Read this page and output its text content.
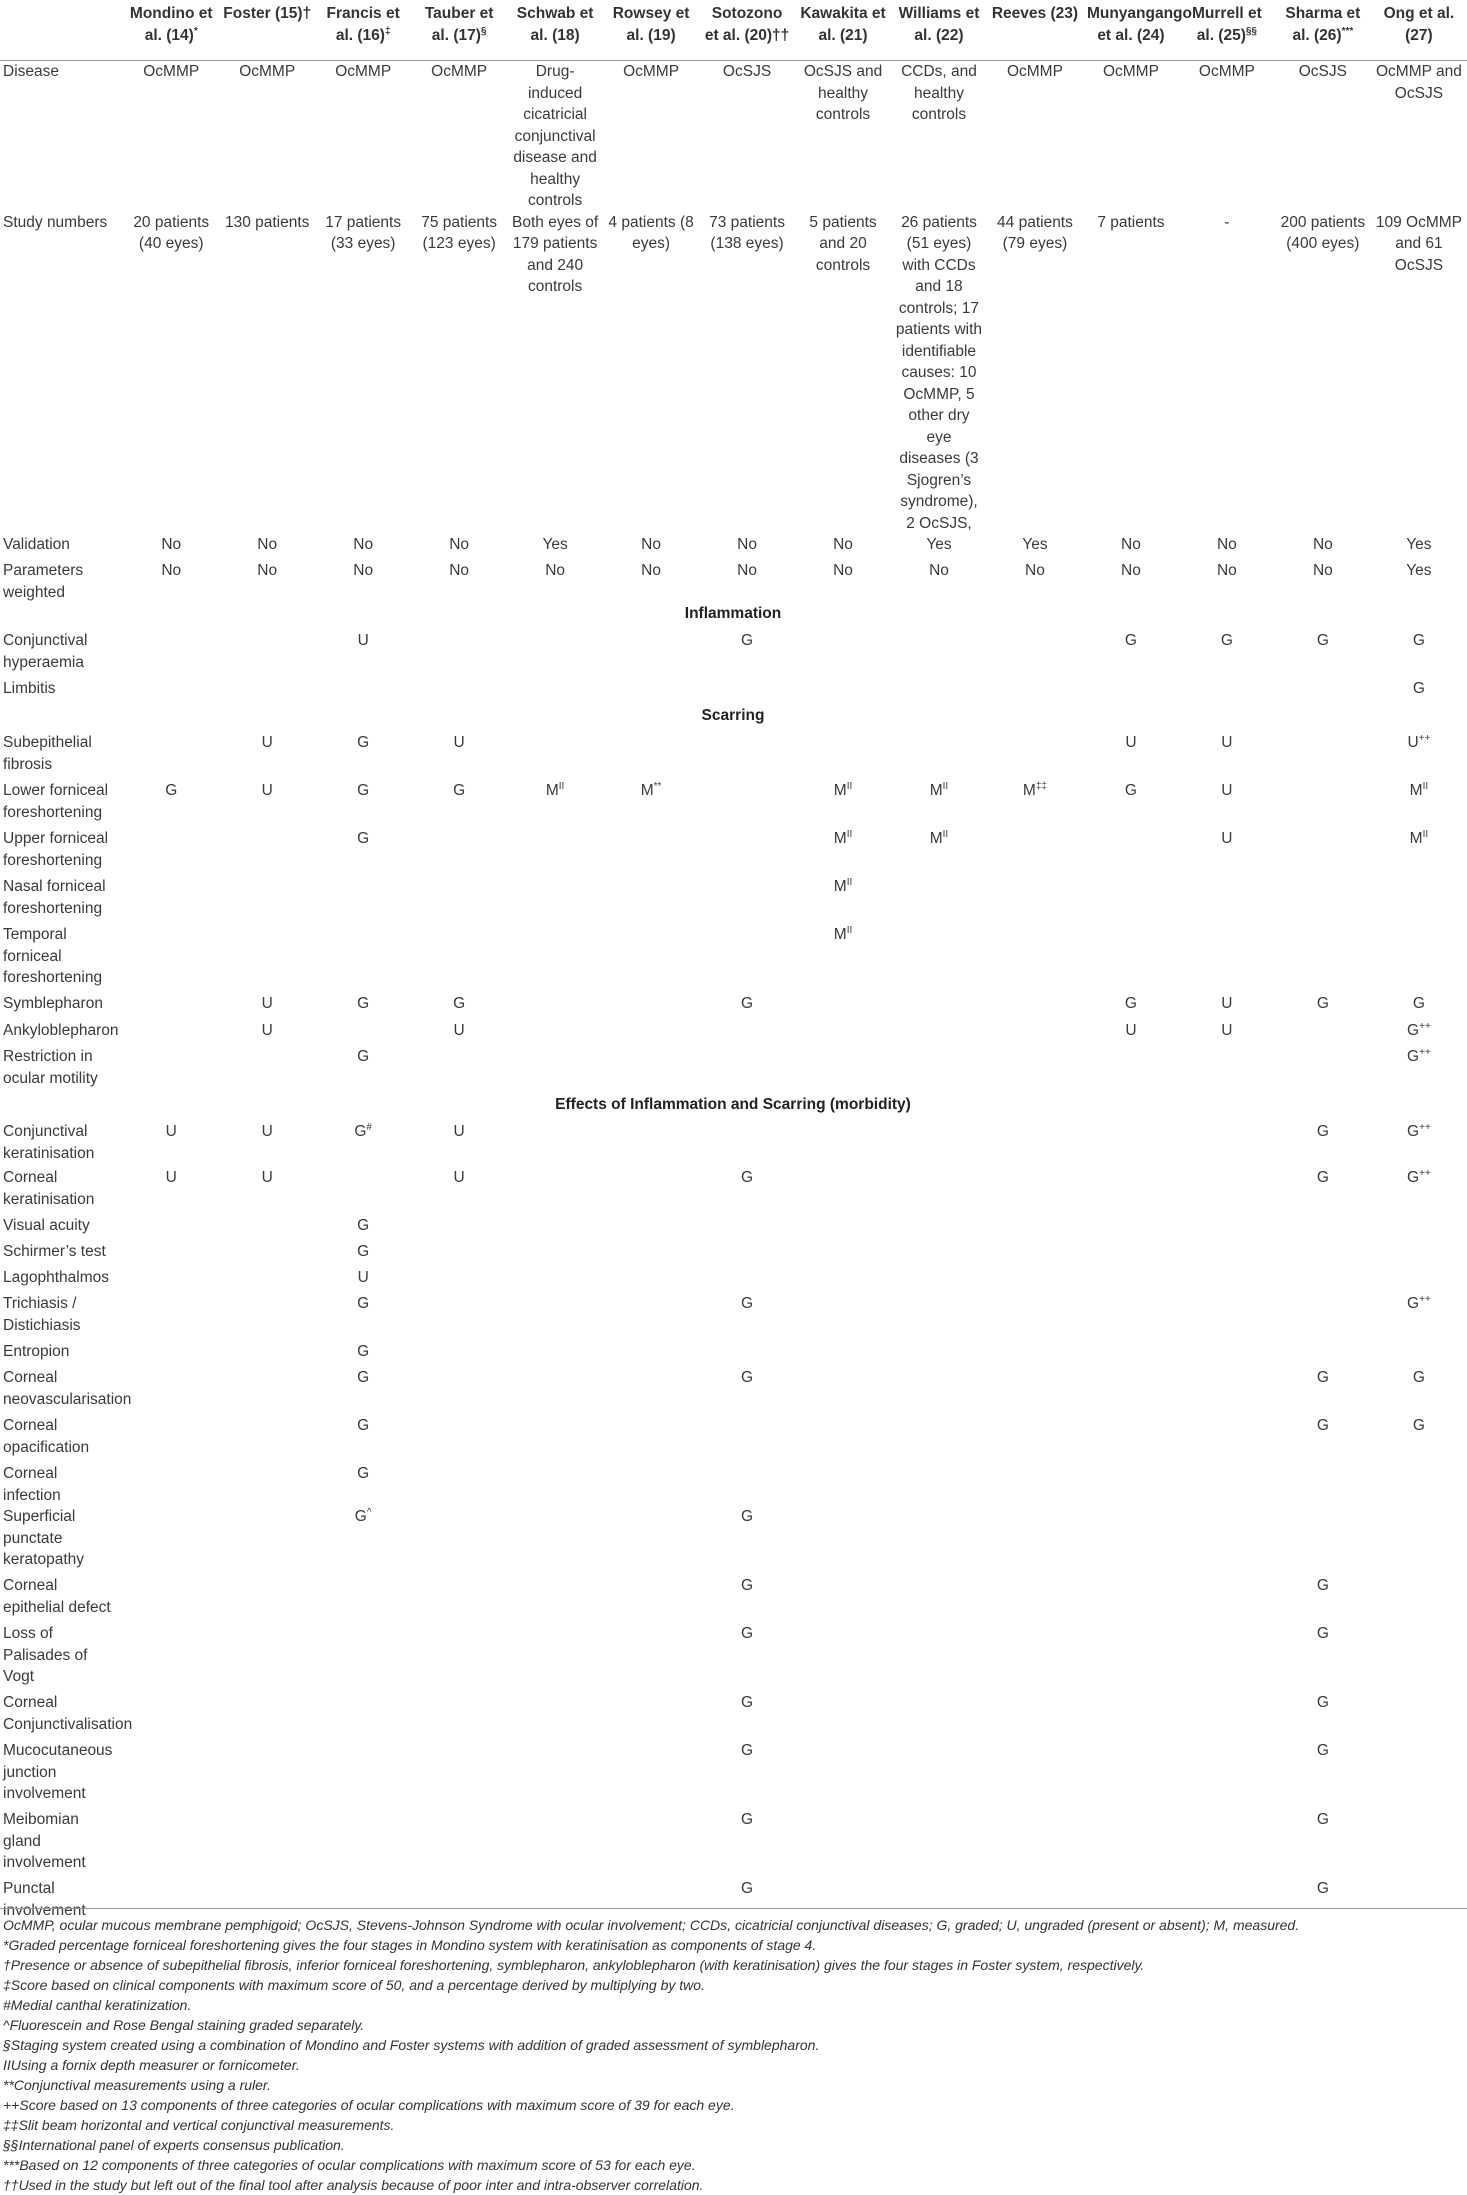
	Mondino et al. (14)*	Foster (15)†	Francis et al. (16)‡	Tauber et al. (17)§	Schwab et al. (18)	Rowsey et al. (19)	Sotozono et al. (20)††	Kawakita et al. (21)	Williams et al. (22)	Reeves (23)	Munyangango et al. (24)	Murrell et al. (25)§§	Sharma et al. (26)***	Ong et al. (27)
Disease	OcMMP	OcMMP	OcMMP	OcMMP	Drug-induced cicatricial conjunctival disease and healthy controls	OcMMP	OcSJS	OcSJS and healthy controls	CCDs, and healthy controls	OcMMP	OcMMP	OcMMP	OcSJS	OcMMP and OcSJS
Study numbers	20 patients (40 eyes)	130 patients	17 patients (33 eyes)	75 patients (123 eyes)	Both eyes of 179 patients and 240 controls	4 patients (8 eyes)	73 patients (138 eyes)	5 patients and 20 controls	26 patients (51 eyes) with CCDs and 18 controls; 17 patients with identifiable causes: 10 OcMMP, 5 other dry eye diseases (3 Sjogren’s syndrome), 2 OcSJS,	44 patients (79 eyes)	7 patients	-	200 patients (400 eyes)	109 OcMMP and 61 OcSJS
Validation	No	No	No	No	Yes	No	No	No	Yes	Yes	No	No	No	Yes
Parameters weighted	No	No	No	No	No	No	No	No	No	No	No	No	No	Yes
Inflammation														
Conjunctival hyperaemia			U				G				G	G	G	G
Limbitis														G
Scarring														
Subepithelial fibrosis		U	G	U							U	U		U++
Lower forniceal foreshortening	G	U	G	G	$M^{II}$	M**		$M^{II}$	$M^{II}$	M‡‡	G	U		$M^{II}$
Upper forniceal foreshortening			G					$M^{II}$	$M^{II}$			U		$M^{II}$
Nasal forniceal foreshortening								$M^{II}$						
Temporal forniceal foreshortening								$M^{II}$						
Symblepharon		U	G	G			G				G	U	G	G
Ankyloblepharon		U		U							U	U		G++
Restriction in ocular motility			G											G++
Effects of Inflammation and Scarring (morbidity)														
Conjunctival keratinisation	U	U	G#	U									G	G++
Corneal keratinisation	U	U		U			G						G	G++
Visual acuity			G											
Schirmer’s test			G											
Lagophthalmos			U											
Trichiasis / Distichiasis			G				G							G++
Entropion			G											
Corneal neovascularisation			G				G						G	G
Corneal opacification			G										G	G
Corneal infection			G											
Superficial punctate keratopathy			G^				G							
Corneal epithelial defect							G						G	
Loss of Palisades of Vogt							G						G	
Corneal Conjunctivalisation							G						G	
Mucocutaneous junction involvement							G						G	
Meibomian gland involvement							G						G	
Punctal involvement							G						G	
OcMMP, ocular mucous membrane pemphigoid; OcSJS, Stevens-Johnson Syndrome with ocular involvement; CCDs, cicatricial conjunctival diseases; G, graded; U, ungraded (present or absent); M, measured.
*Graded percentage forniceal foreshortening gives the four stages in Mondino system with keratinisation as components of stage 4.
†Presence or absence of subepithelial fibrosis, inferior forniceal foreshortening, symblepharon, ankyloblepharon (with keratinisation) gives the four stages in Foster system, respectively.
‡Score based on clinical components with maximum score of 50, and a percentage derived by multiplying by two.
#Medial canthal keratinization.
^Fluorescein and Rose Bengal staining graded separately.
§Staging system created using a combination of Mondino and Foster systems with addition of graded assessment of symblepharon.
IIUsing a fornix depth measurer or fornicometer.
**Conjunctival measurements using a ruler.
++Score based on 13 components of three categories of ocular complications with maximum score of 39 for each eye.
‡‡Slit beam horizontal and vertical conjunctival measurements.
§§International panel of experts consensus publication.
***Based on 12 components of three categories of ocular complications with maximum score of 53 for each eye.
††Used in the study but left out of the final tool after analysis because of poor inter and intra-observer correlation.
